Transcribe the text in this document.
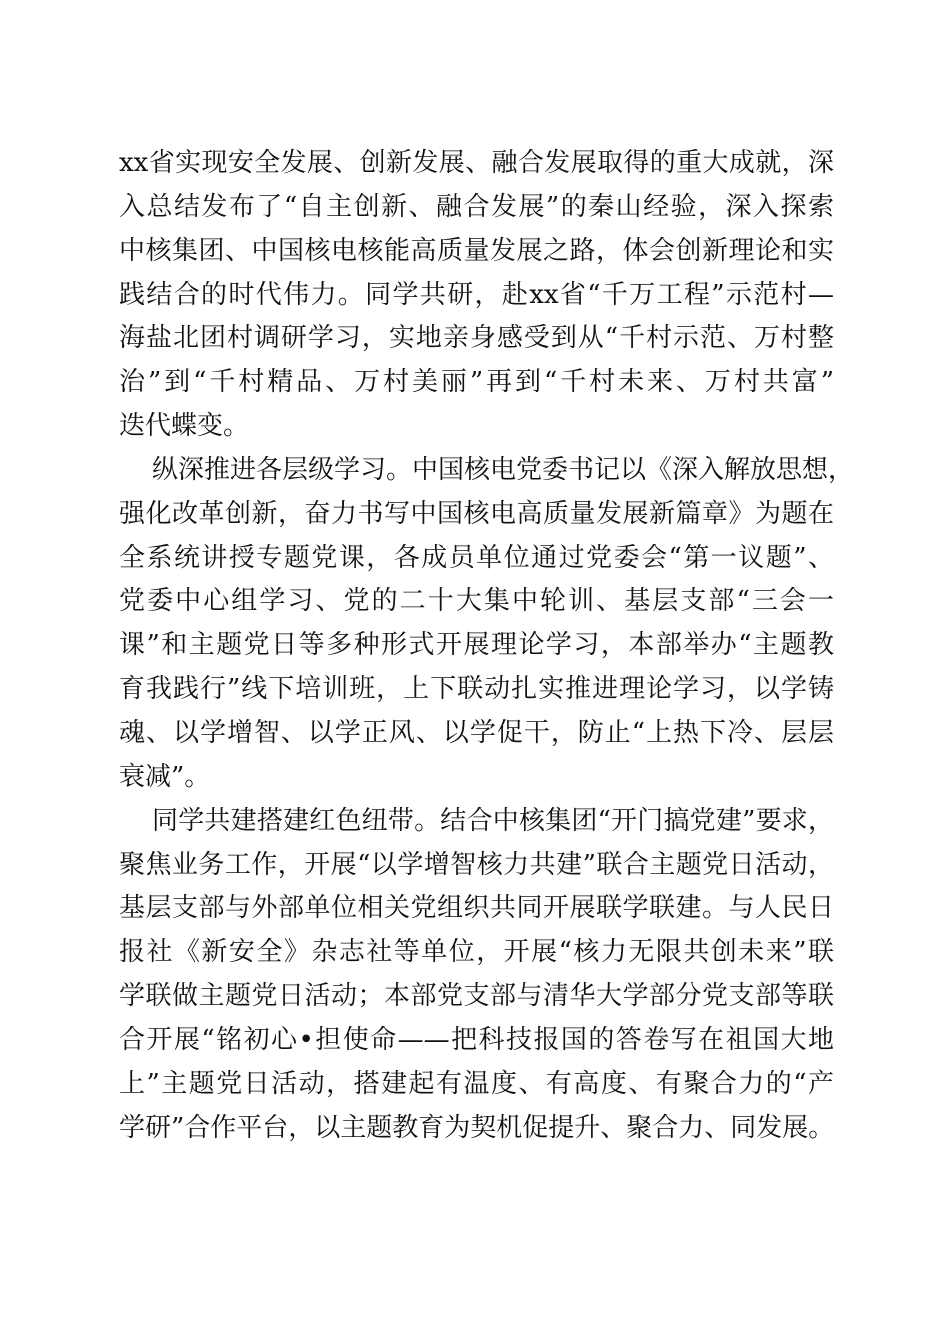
xx省实现安全发展、创新发展、融合发展取得的重大成就，深
入总结发布了“自主创新、融合发展”的秦山经验，深入探索
中核集团、中国核电核能高质量发展之路，体会创新理论和实
践结合的时代伟力。同学共研，赴xx省“千万工程”示范村—
海盐北团村调研学习，实地亲身感受到从“千村示范、万村整
治”到“千村精品、万村美丽”再到“千村未来、万村共富”
迭代蝶变。
纵深推进各层级学习。中国核电党委书记以《深入解放思想，
强化改革创新，奋力书写中国核电高质量发展新篇章》为题在
全系统讲授专题党课，各成员单位通过党委会“第一议题”、
党委中心组学习、党的二十大集中轮训、基层支部“三会一
课”和主题党日等多种形式开展理论学习，本部举办“主题教
育我践行”线下培训班，上下联动扎实推进理论学习，以学铸
魂、以学增智、以学正风、以学促干，防止“上热下冷、层层
衰减”。
同学共建搭建红色纽带。结合中核集团“开门搞党建”要求，
聚焦业务工作，开展“以学增智核力共建”联合主题党日活动，
基层支部与外部单位相关党组织共同开展联学联建。与人民日
报社《新安全》杂志社等单位，开展“核力无限共创未来”联
学联做主题党日活动；本部党支部与清华大学部分党支部等联
合开展“铭初心•担使命——把科技报国的答卷写在祖国大地
上”主题党日活动，搭建起有温度、有高度、有聚合力的“产
学研”合作平台，以主题教育为契机促提升、聚合力、同发展。
